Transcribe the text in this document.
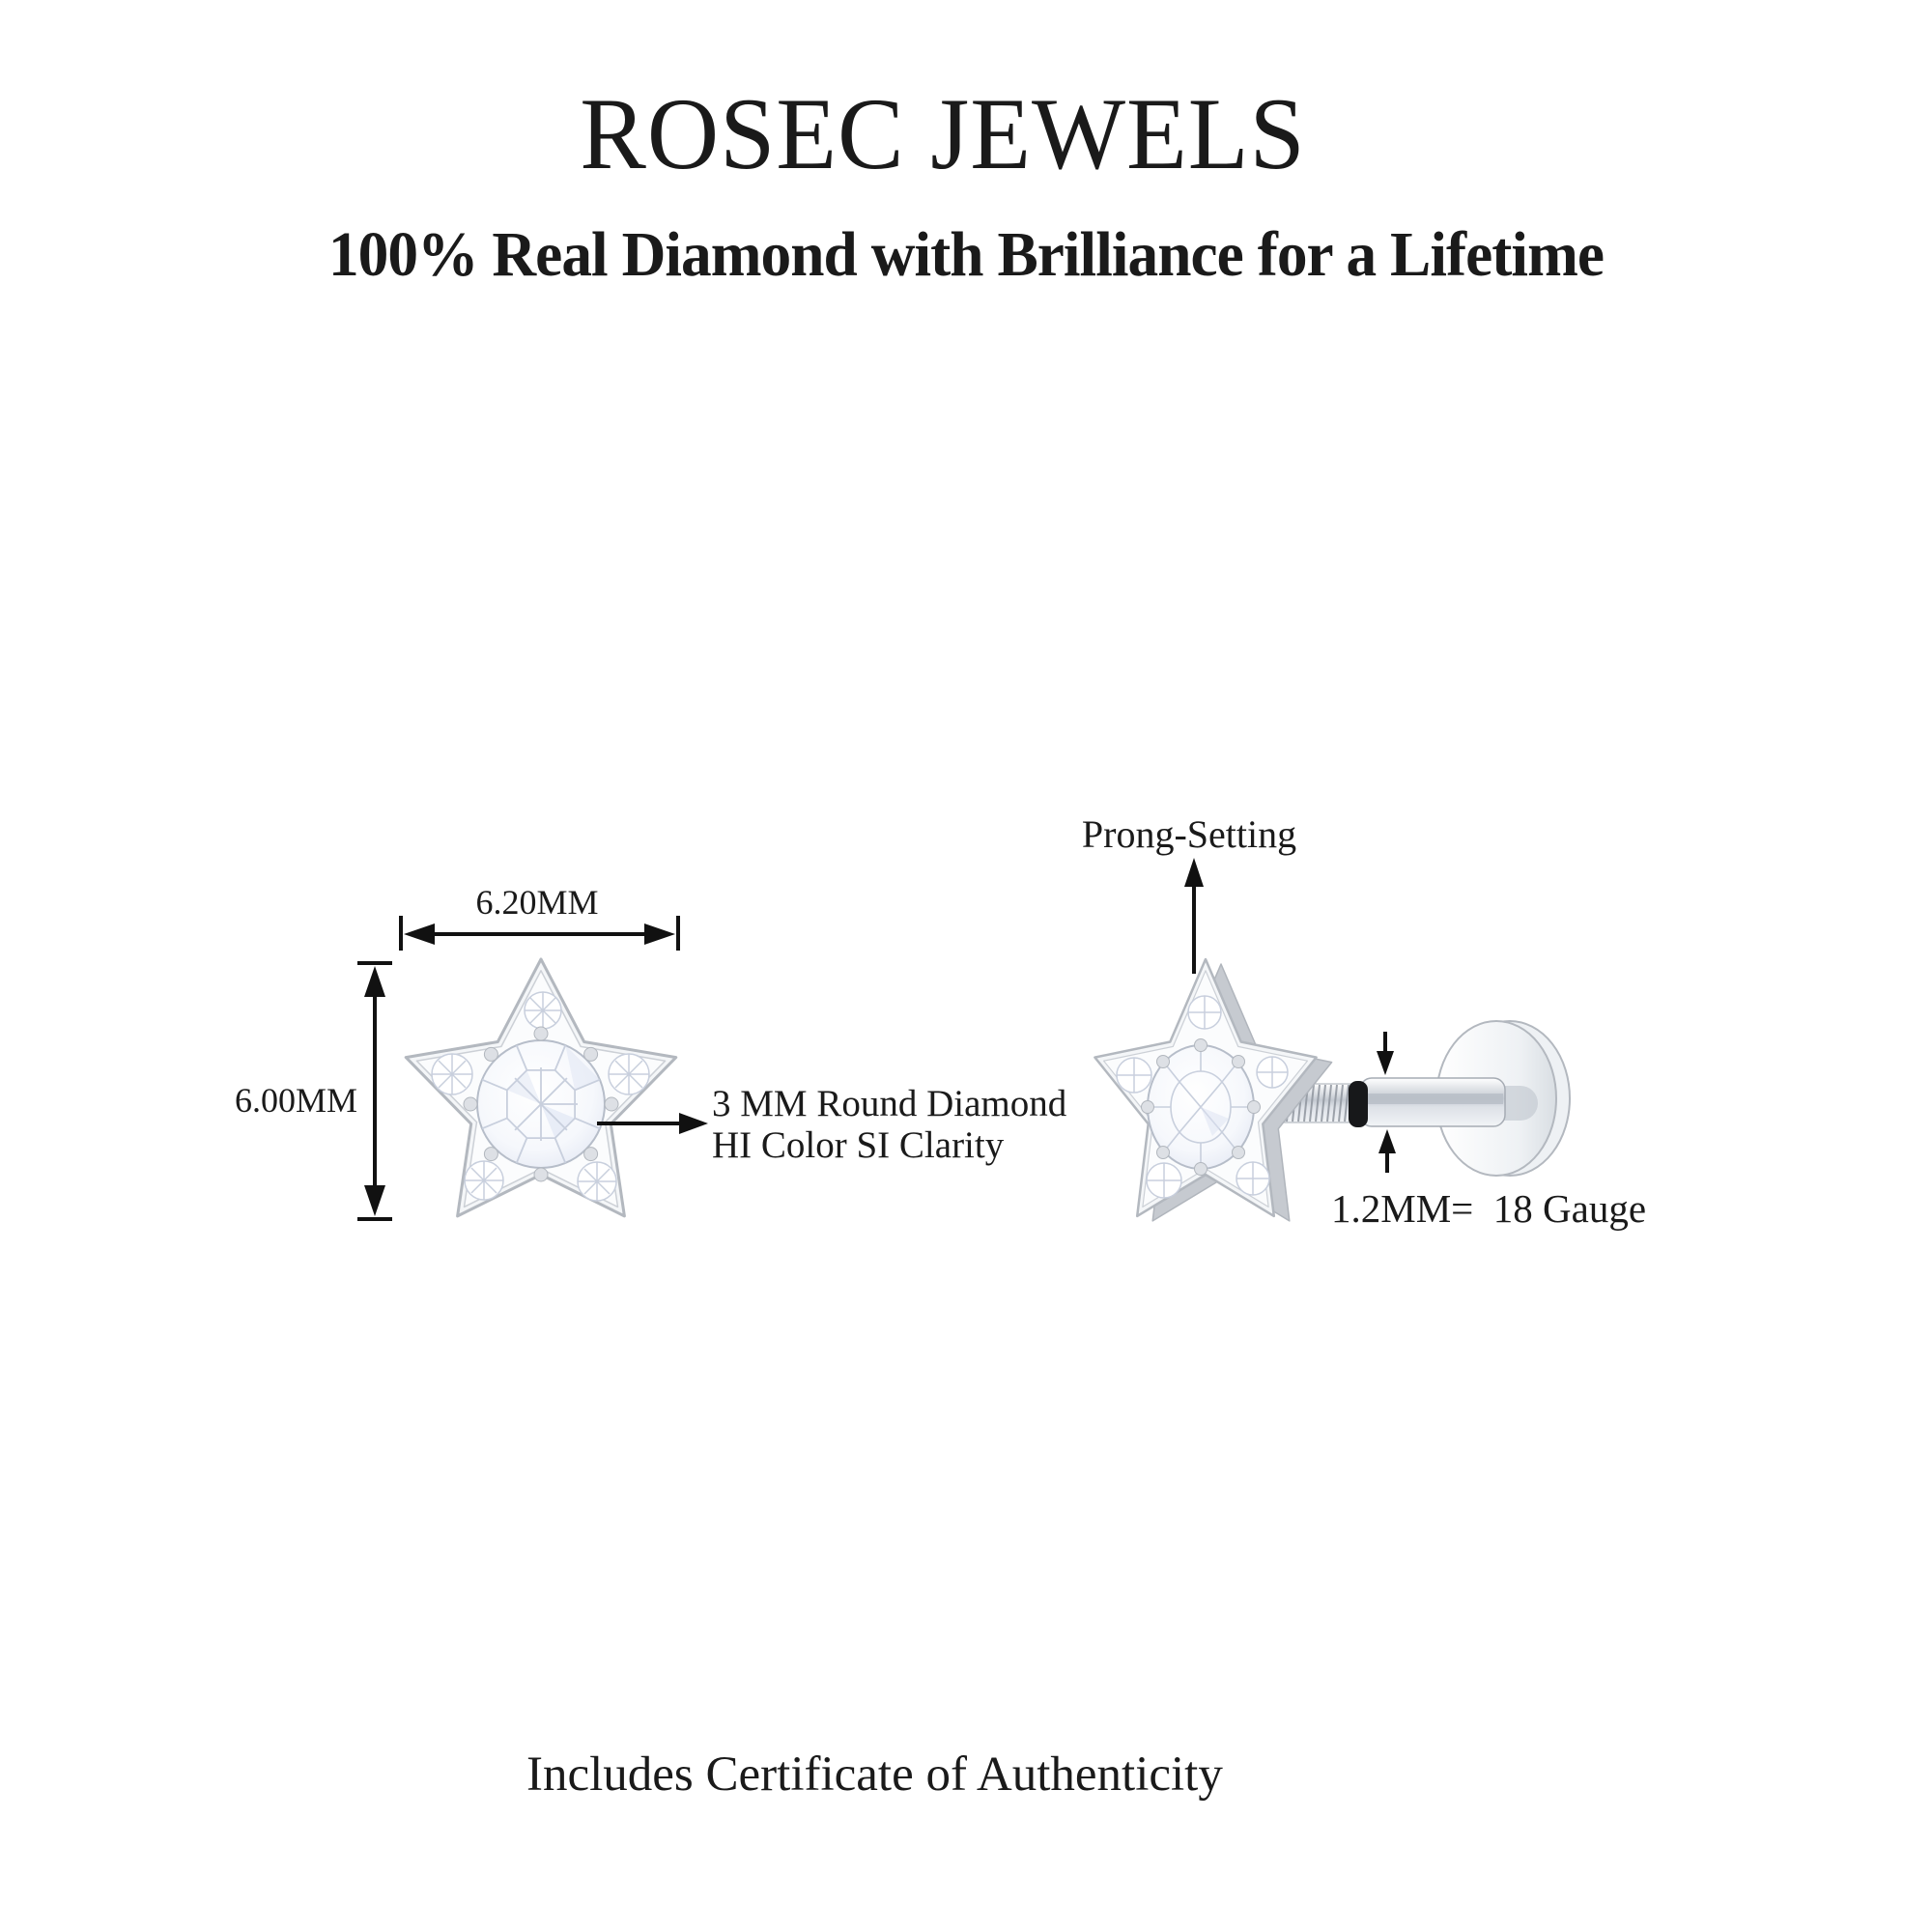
ROSEC JEWELS
100% Real Diamond with Brilliance for a Lifetime
6.20MM
6.00MM	3 MM Round Diamond
HI Color SI Clarity
Prong-Setting
1.2MM=  18 Gauge
Includes Certificate of Authenticity
